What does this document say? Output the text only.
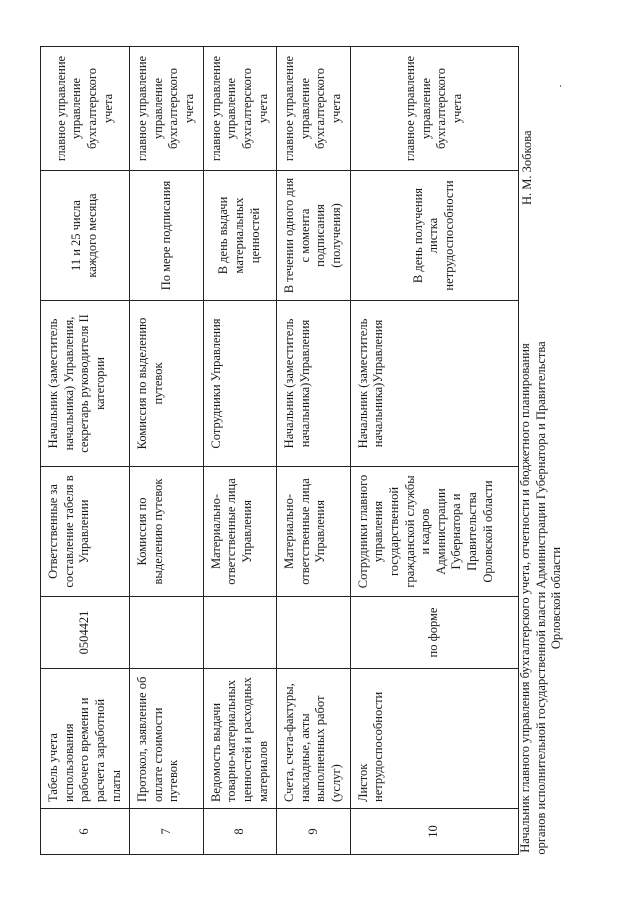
6	Табель учета использования рабочего времени и расчета заработной платы	0504421	Ответственные за составление табеля в Управлении	Начальник (заместитель начальника) Управления, секретарь руководителя II категории	11 и 25 числа каждого месяца	главное управление управление бухгалтерского учета
7	Протокол, заявление об оплате стоимости путевок		Комиссия по выделению путевок	Комиссия по выделению путевок	По мере подписания	главное управление управление бухгалтерского учета
8	Ведомость выдачи товарно-материальных ценностей и расходных материалов		Материально-ответственные лица Управления	Сотрудники Управления	В день выдачи материальных ценностей	главное управление управление бухгалтерского учета
9	Счета, счета-фактуры, накладные, акты выполненных работ (услуг)		Материально-ответственные лица Управления	Начальник (заместитель начальника)Управления	В течении одного дня с момента подписания (получения)	главное управление управление бухгалтерского учета
10	Листок нетрудоспособности	по форме	Сотрудники главного управления государственной гражданской службы и кадров Администрации Губернатора и Правительства Орловской области	Начальник (заместитель начальника)Управления	В день получения листка нетрудоспособности	главное управление управление бухгалтерского учета
Начальник главного управления бухгалтерского учета, отчетности и бюджетного планирования органов исполнительной государственной власти Администрации Губернатора и Правительства Орловской области
Н. М. Зобкова
